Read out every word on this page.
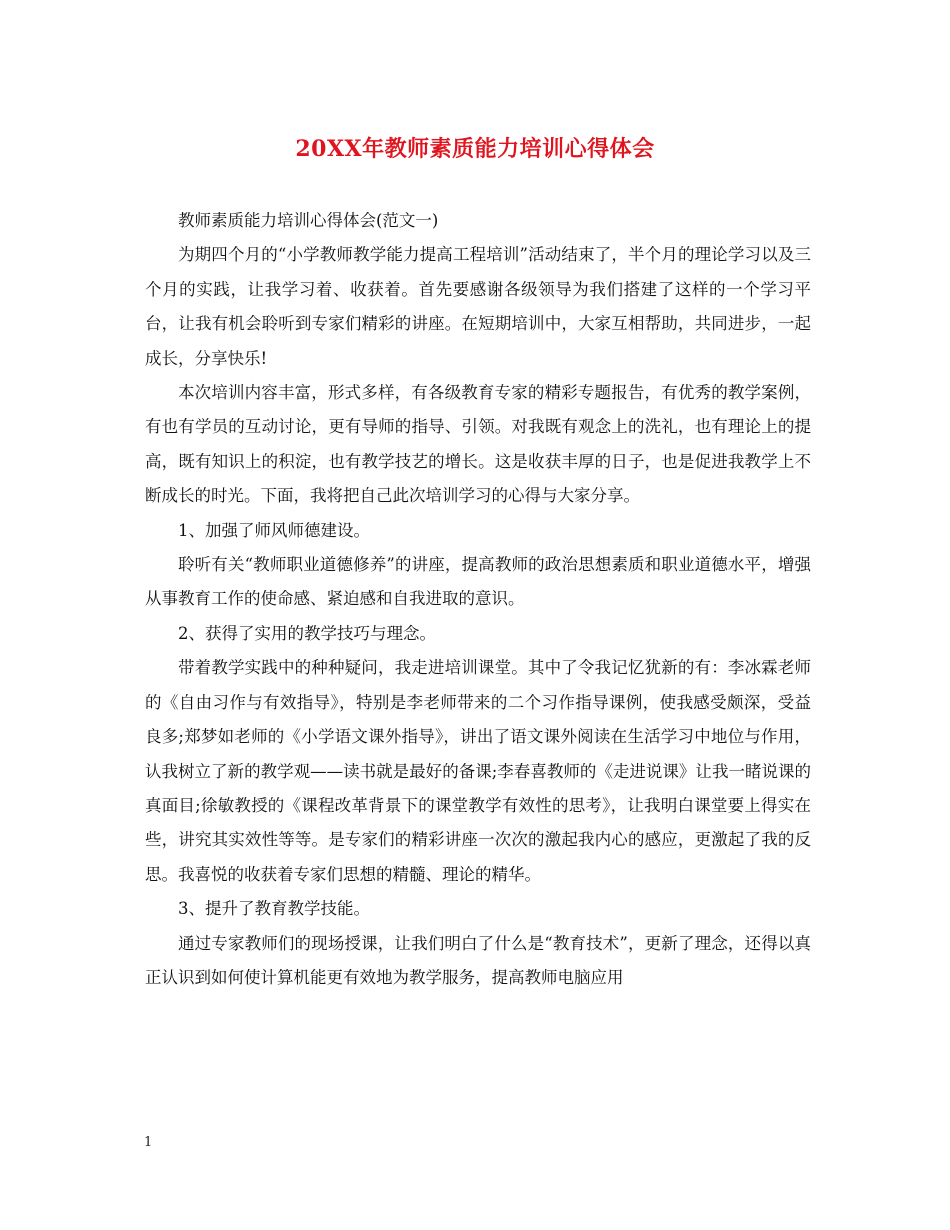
20XX年教师素质能力培训心得体会

教师素质能力培训心得体会(范文一)

为期四个月的“小学教师教学能力提高工程培训”活动结束了，半个月的理论学习以及三个月的实践，让我学习着、收获着。首先要感谢各级领导为我们搭建了这样的一个学习平台，让我有机会聆听到专家们精彩的讲座。在短期培训中，大家互相帮助，共同进步，一起成长，分享快乐!

本次培训内容丰富，形式多样，有各级教育专家的精彩专题报告，有优秀的教学案例，有也有学员的互动讨论，更有导师的指导、引领。对我既有观念上的洗礼，也有理论上的提高，既有知识上的积淀，也有教学技艺的增长。这是收获丰厚的日子，也是促进我教学上不断成长的时光。下面，我将把自己此次培训学习的心得与大家分享。

1、加强了师风师德建设。

聆听有关“教师职业道德修养”的讲座，提高教师的政治思想素质和职业道德水平，增强从事教育工作的使命感、紧迫感和自我进取的意识。

2、获得了实用的教学技巧与理念。

带着教学实践中的种种疑问，我走进培训课堂。其中了令我记忆犹新的有：李冰霖老师的《自由习作与有效指导》，特别是李老师带来的二个习作指导课例，使我感受颇深，受益良多;郑梦如老师的《小学语文课外指导》，讲出了语文课外阅读在生活学习中地位与作用，认我树立了新的教学观——读书就是最好的备课;李春喜教师的《走进说课》让我一睹说课的真面目;徐敏教授的《课程改革背景下的课堂教学有效性的思考》，让我明白课堂要上得实在些，讲究其实效性等等。是专家们的精彩讲座一次次的激起我内心的感应，更激起了我的反思。我喜悦的收获着专家们思想的精髓、理论的精华。

3、提升了教育教学技能。

通过专家教师们的现场授课，让我们明白了什么是“教育技术”，更新了理念，还得以真正认识到如何使计算机能更有效地为教学服务，提高教师电脑应用

1
